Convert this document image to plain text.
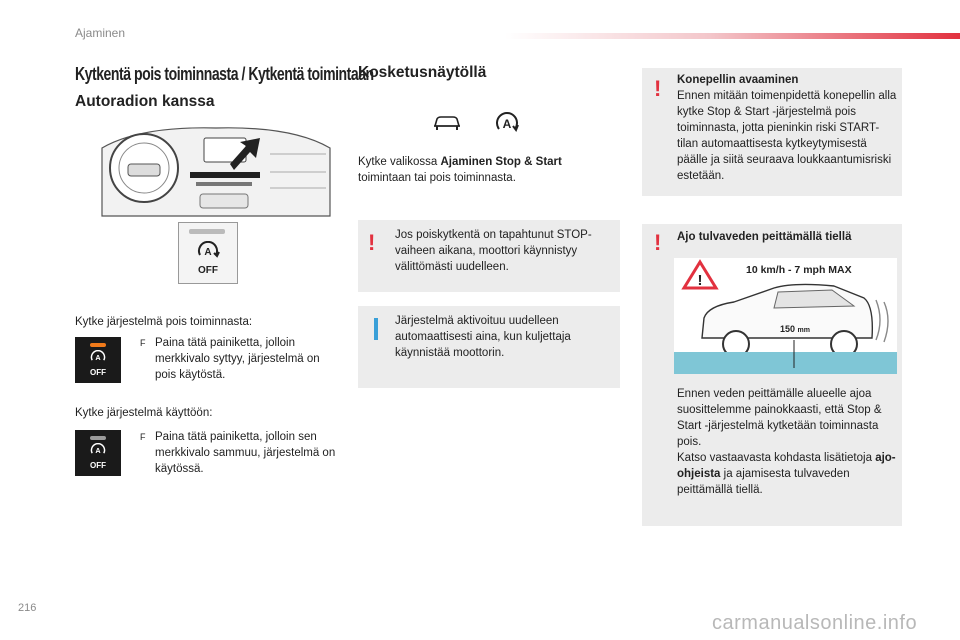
Ajaminen
Kytkentä pois toiminnasta / Kytkentä toimintaan
Autoradion kanssa
A
OFF
Kytke järjestelmä pois toiminnasta:
A
OFF
F Paina tätä painiketta, jolloin merkkivalo syttyy, järjestelmä on pois käytöstä.
Kytke järjestelmä käyttöön:
A
OFF
F Paina tätä painiketta, jolloin sen merkkivalo sammuu, järjestelmä on käytössä.
Kosketusnäytöllä
A
Kytke valikossa Ajaminen Stop & Start
toimintaan tai pois toiminnasta.
! Jos poiskytkentä on tapahtunut STOP-vaiheen aikana, moottori käynnistyy välittömästi uudelleen.
Järjestelmä aktivoituu uudelleen automaattisesti aina, kun kuljettaja käynnistää moottorin.
! Konepellin avaaminen
Ennen mitään toimenpidettä konepellin alla kytke Stop & Start -järjestelmä pois toiminnasta, jotta pieninkin riski START-tilan automaattisesta kytkeytymisestä päälle ja siitä seuraava loukkaantumisriski estetään.
! Ajo tulvaveden peittämällä tiellä
!
10 km/h - 7 mph MAX
150 mm
Ennen veden peittämälle alueelle ajoa suosittelemme painokkaasti, että Stop & Start -järjestelmä kytketään toiminnasta pois.
Katso vastaavasta kohdasta lisätietoja ajo-ohjeista ja ajamisesta tulvaveden peittämällä tiellä.
216
carmanualsonline.info
